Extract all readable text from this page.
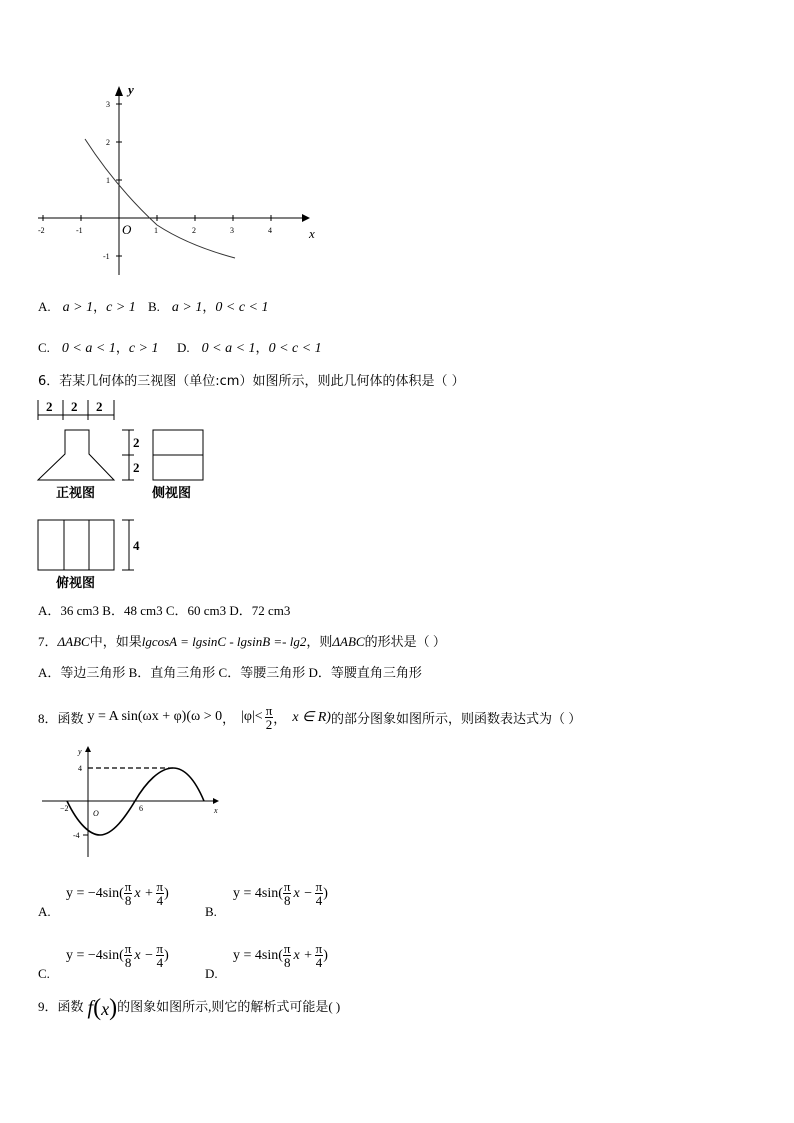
y
x
O
-2	-1	1	2	3	4
3
2
1
-1
A. a > 1，c > 1 B. a > 1，0 < c < 1
C. 0 < a < 1，c > 1 D. 0 < a < 1，0 < c < 1
6．若某几何体的三视图（单位:cm）如图所示，则此几何体的体积是（ ）
2 2 2
2
2
正视图	侧视图
4
俯视图
A．36 cm3 B．48 cm3 C．60 cm3 D．72 cm3
7．ΔABC中，如果lgcosA = lgsinC - lgsinB =- lg2，则ΔABC的形状是（ ）
A．等边三角形 B．直角三角形 C．等腰三角形 D．等腰直角三角形
8．函数 y = A sin(ωx + φ)(ω > 0 ， $|\varphi|< \frac{\pi}{2}$ ， x ∈ R) 的部分图象如图所示，则函数表达式为（ ）
y
x
O
4
-4
−2	6
A.
$y = -4\sin( \frac{\pi}{8}$ $x + \frac{\pi}{4}$ )
B.
$y = 4\sin( \frac{\pi}{8}$ $x - \frac{\pi}{4}$ )
C.
$y = -4\sin( \frac{\pi}{8}$ $x - \frac{\pi}{4}$ )
D.
$y = 4\sin( \frac{\pi}{8}$ $x + \frac{\pi}{4}$ )
9．函数 f ( x ) 的图象如图所示,则它的解析式可能是( )
